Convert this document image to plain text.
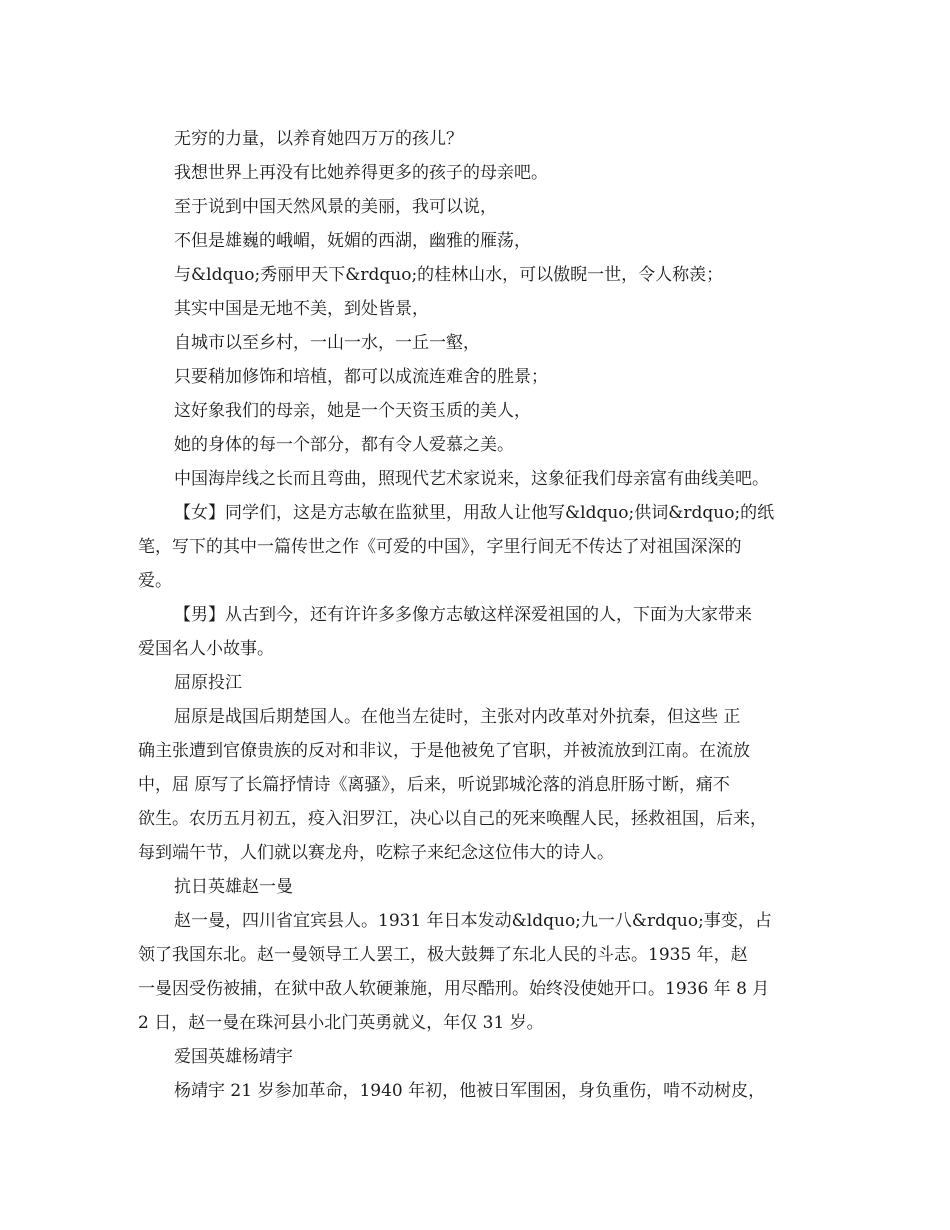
无穷的力量，以养育她四万万的孩儿？
我想世界上再没有比她养得更多的孩子的母亲吧。
至于说到中国天然风景的美丽，我可以说，
不但是雄巍的峨嵋，妩媚的西湖，幽雅的雁荡，
与&ldquo;秀丽甲天下&rdquo;的桂林山水，可以傲睨一世，令人称羡；
其实中国是无地不美，到处皆景，
自城市以至乡村，一山一水，一丘一壑，
只要稍加修饰和培植，都可以成流连难舍的胜景；
这好象我们的母亲，她是一个天资玉质的美人，
她的身体的每一个部分，都有令人爱慕之美。
中国海岸线之长而且弯曲，照现代艺术家说来，这象征我们母亲富有曲线美吧。
【女】同学们，这是方志敏在监狱里，用敌人让他写&ldquo;供词&rdquo;的纸
笔，写下的其中一篇传世之作《可爱的中国》，字里行间无不传达了对祖国深深的
爱。
【男】从古到今，还有许许多多像方志敏这样深爱祖国的人，下面为大家带来
爱国名人小故事。
屈原投江
屈原是战国后期楚国人。在他当左徒时，主张对内改革对外抗秦，但这些 正
确主张遭到官僚贵族的反对和非议，于是他被免了官职，并被流放到江南。在流放
中，屈 原写了长篇抒情诗《离骚》，后来，听说郢城沦落的消息肝肠寸断，痛不
欲生。农历五月初五，疫入汨罗江，决心以自己的死来唤醒人民，拯救祖国，后来，
每到端午节，人们就以赛龙舟，吃粽子来纪念这位伟大的诗人。
抗日英雄赵一曼
赵一曼，四川省宜宾县人。1931 年日本发动&ldquo;九一八&rdquo;事变，占
领了我国东北。赵一曼领导工人罢工，极大鼓舞了东北人民的斗志。1935 年，赵
一曼因受伤被捕，在狱中敌人软硬兼施，用尽酷刑。始终没使她开口。1936 年 8 月
2 日，赵一曼在珠河县小北门英勇就义，年仅 31 岁。
爱国英雄杨靖宇
杨靖宇 21 岁参加革命，1940 年初，他被日军围困，身负重伤，啃不动树皮，
